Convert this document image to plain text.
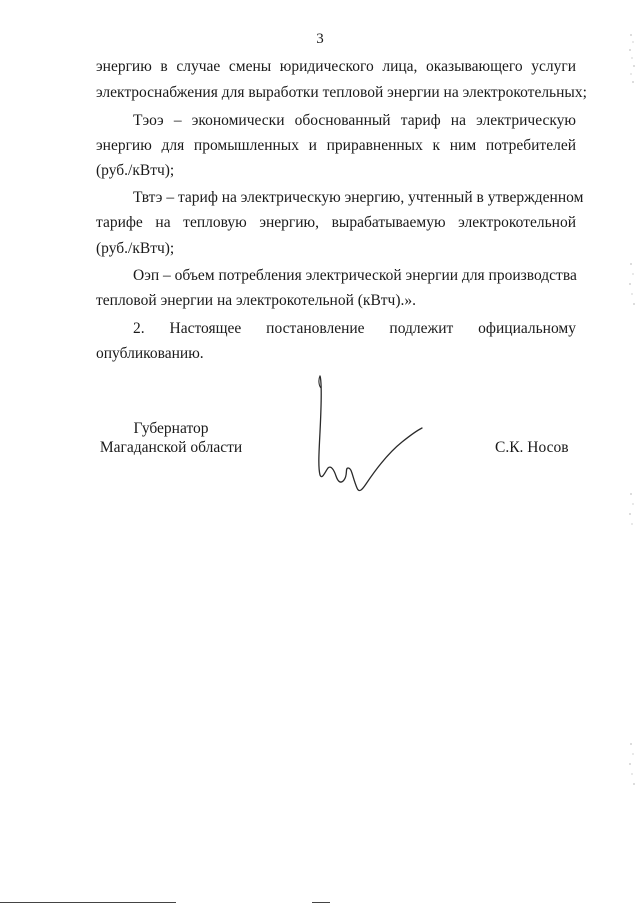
3
энергию в случае смены юридического лица, оказывающего услуги
электроснабжения для выработки тепловой энергии на электрокотельных;
Тэоэ – экономически обоснованный тариф на электрическую
энергию для промышленных и приравненных к ним потребителей
(руб./кВтч);
Твтэ – тариф на электрическую энергию, учтенный в утвержденном
тарифе на тепловую энергию, вырабатываемую электрокотельной
(руб./кВтч);
Оэп – объем потребления электрической энергии для производства
тепловой энергии на электрокотельной (кВтч).».
2. Настоящее постановление подлежит официальному
опубликованию.
Губернатор
Магаданской области	С.К. Носов
